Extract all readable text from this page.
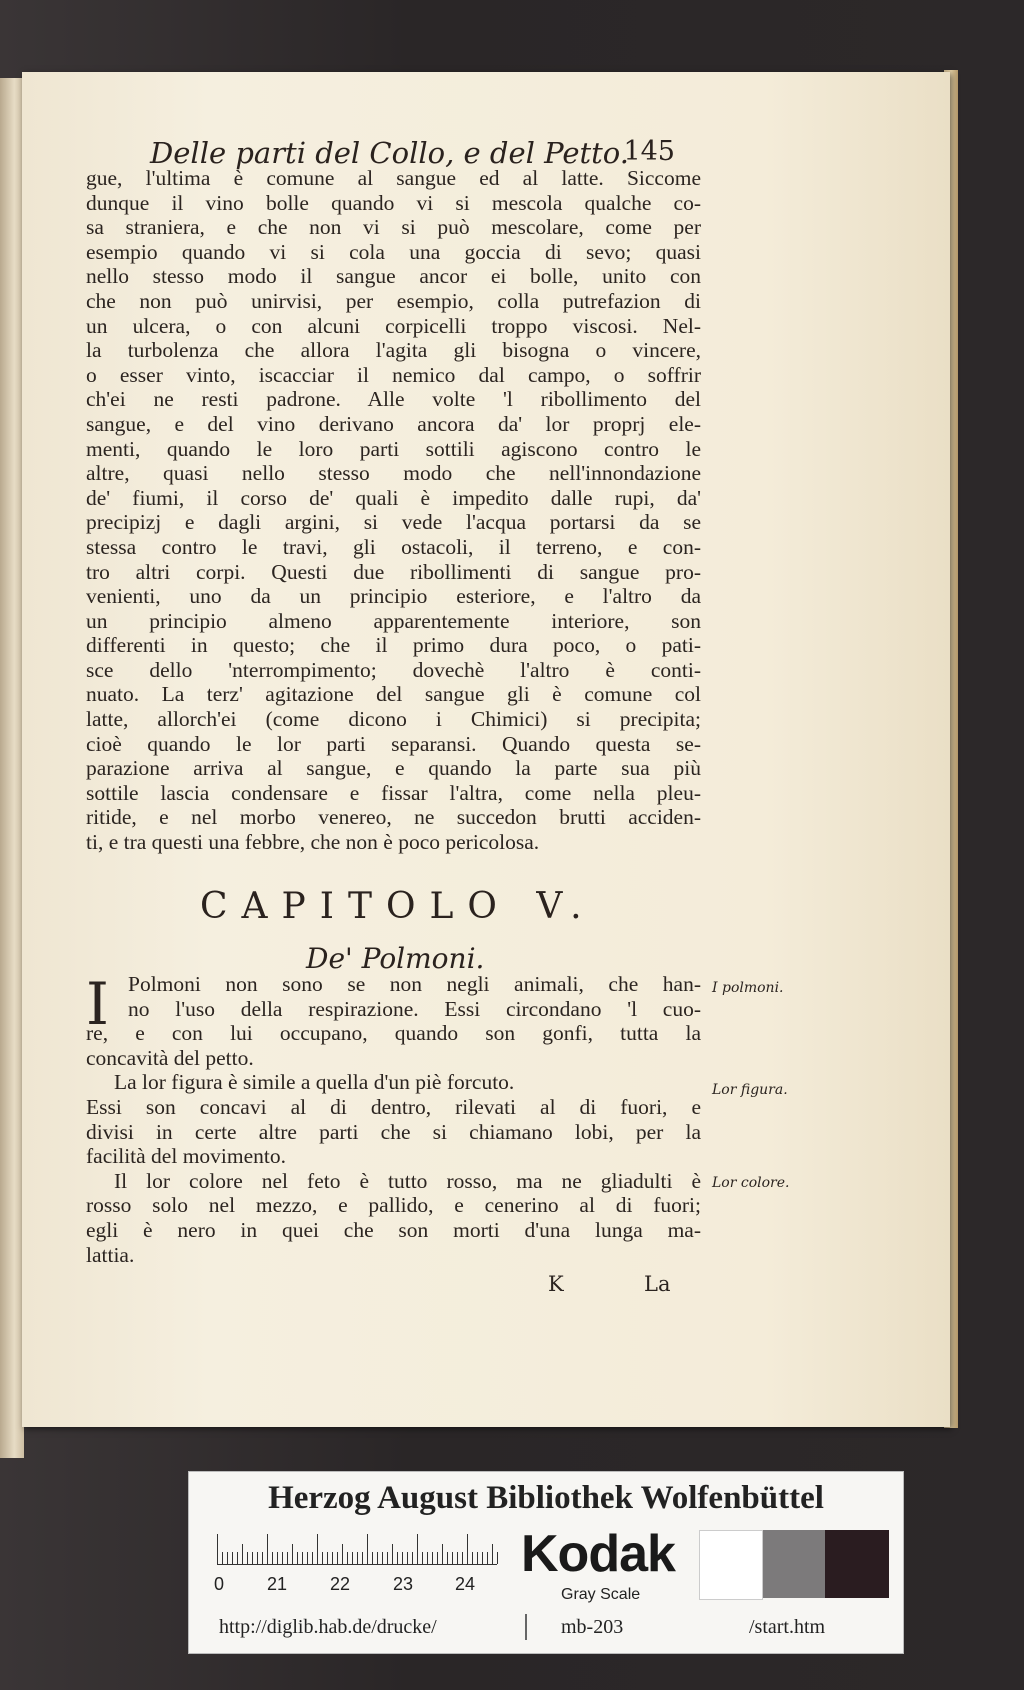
Delle parti del Collo, e del Petto.
145
gue, l'ultima è comune al sangue ed al latte. Siccome
dunque il vino bolle quando vi si mescola qualche co-
sa straniera, e che non vi si può mescolare, come per
esempio quando vi si cola una goccia di sevo; quasi
nello stesso modo il sangue ancor ei bolle, unito con
che non può unirvisi, per esempio, colla putrefazion di
un ulcera, o con alcuni corpicelli troppo viscosi. Nel-
la turbolenza che allora l'agita gli bisogna o vincere,
o esser vinto, iscacciar il nemico dal campo, o soffrir
ch'ei ne resti padrone. Alle volte 'l ribollimento del
sangue, e del vino derivano ancora da' lor proprj ele-
menti, quando le loro parti sottili agiscono contro le
altre, quasi nello stesso modo che nell'innondazione
de' fiumi, il corso de' quali è impedito dalle rupi, da'
precipizj e dagli argini, si vede l'acqua portarsi da se
stessa contro le travi, gli ostacoli, il terreno, e con-
tro altri corpi. Questi due ribollimenti di sangue pro-
venienti, uno da un principio esteriore, e l'altro da
un principio almeno apparentemente interiore, son
differenti in questo; che il primo dura poco, o pati-
sce dello 'nterrompimento; dovechè l'altro è conti-
nuato. La terz' agitazione del sangue gli è comune col
latte, allorch'ei (come dicono i Chimici) si precipita;
cioè quando le lor parti separansi. Quando questa se-
parazione arriva al sangue, e quando la parte sua più
sottile lascia condensare e fissar l'altra, come nella pleu-
ritide, e nel morbo venereo, ne succedon brutti acciden-
ti, e tra questi una febbre, che non è poco pericolosa.
CAPITOLO V.
De' Polmoni.
I Polmoni non sono se non negli animali, che han-
no l'uso della respirazione. Essi circondano 'l cuo-
re, e con lui occupano, quando son gonfi, tutta la
concavità del petto.
La lor figura è simile a quella d'un piè forcuto.
Essi son concavi al di dentro, rilevati al di fuori, e
divisi in certe altre parti che si chiamano lobi, per la
facilità del movimento.
Il lor colore nel feto è tutto rosso, ma ne gliadulti è
rosso solo nel mezzo, e pallido, e cenerino al di fuori;
egli è nero in quei che son morti d'una lunga ma-
lattia.
I polmoni.
Lor figura.
Lor colore.
K	La
Herzog August Bibliothek Wolfenbüttel
0 21 22 23 24
Kodak
Gray Scale
http://diglib.hab.de/drucke/	mb-203	/start.htm
